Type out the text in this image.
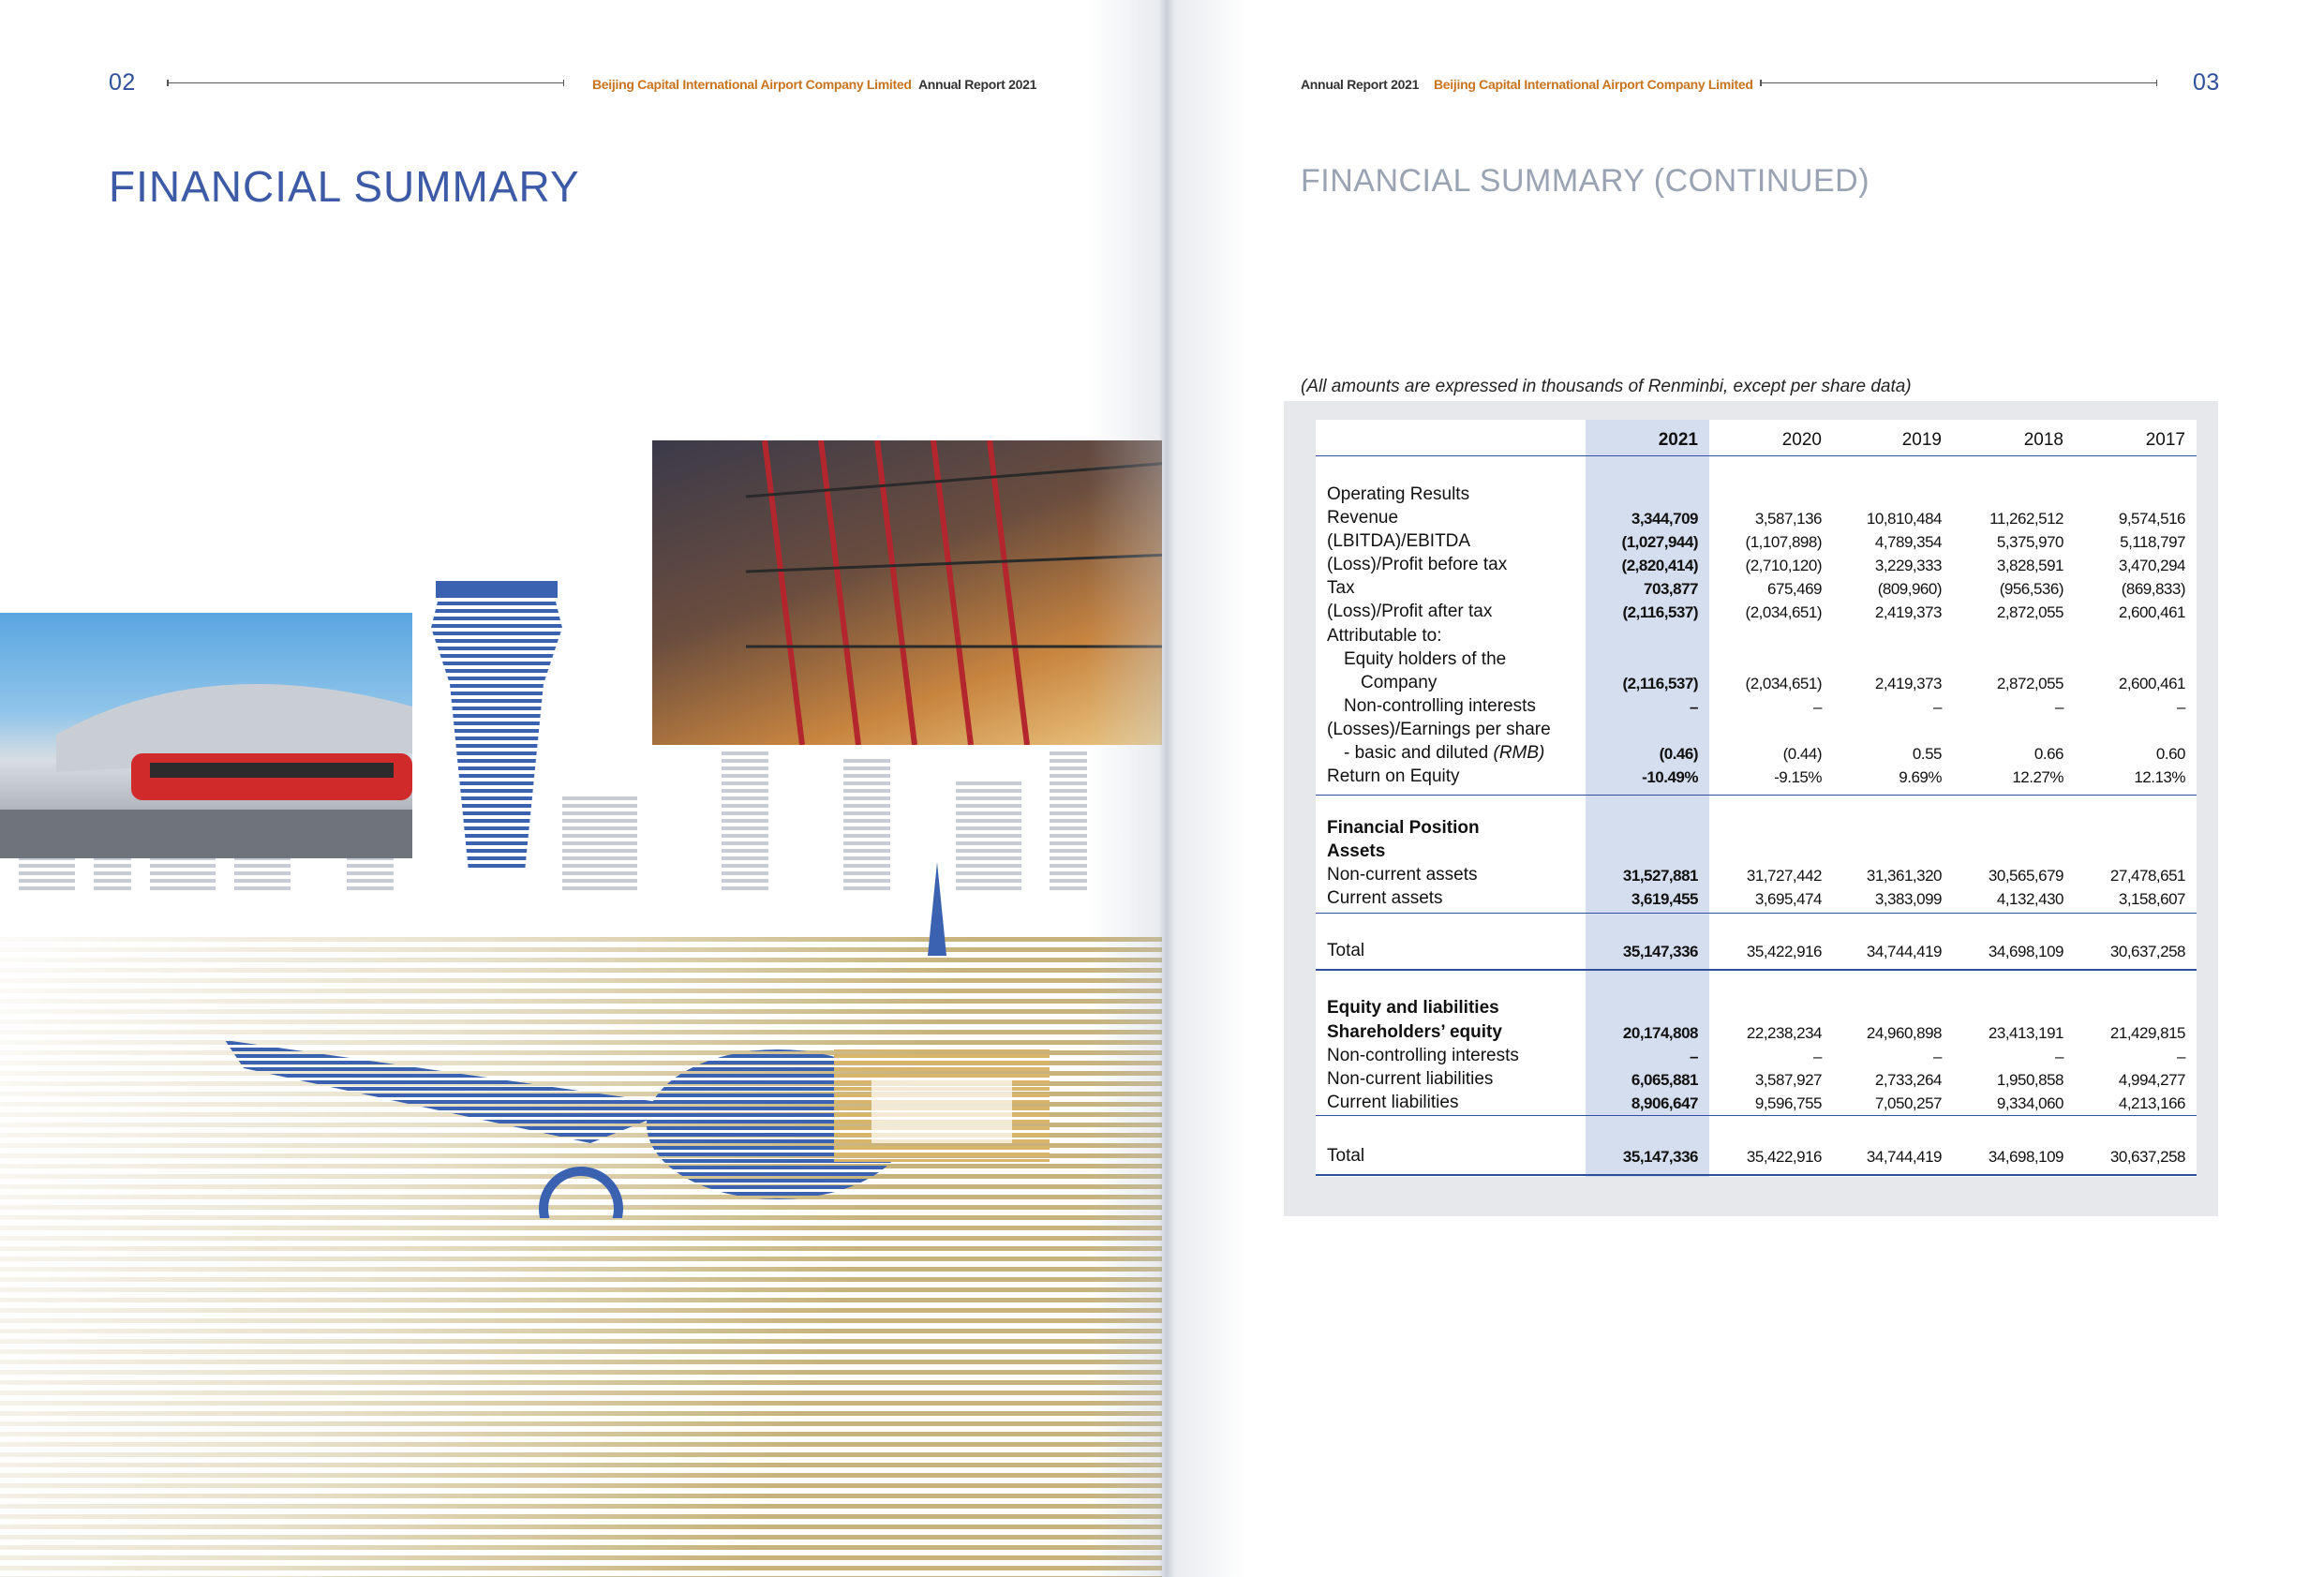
02	Beijing Capital International Airport Company Limited Annual Report 2021
FINANCIAL SUMMARY
Annual Report 2021 Beijing Capital International Airport Company Limited	03
FINANCIAL SUMMARY (CONTINUED)
(All amounts are expressed in thousands of Renminbi, except per share data)
2021	2020	2019	2018	2017
Operating Results
Revenue	3,344,709	3,587,136	10,810,484	11,262,512	9,574,516
(LBITDA)/EBITDA	(1,027,944)	(1,107,898)	4,789,354	5,375,970	5,118,797
(Loss)/Profit before tax	(2,820,414)	(2,710,120)	3,229,333	3,828,591	3,470,294
Tax	703,877	675,469	(809,960)	(956,536)	(869,833)
(Loss)/Profit after tax	(2,116,537)	(2,034,651)	2,419,373	2,872,055	2,600,461
Attributable to:
Equity holders of the
Company	(2,116,537)	(2,034,651)	2,419,373	2,872,055	2,600,461
Non-controlling interests	–	–	–	–	–
(Losses)/Earnings per share
- basic and diluted (RMB)	(0.46)	(0.44)	0.55	0.66	0.60
Return on Equity	-10.49%	-9.15%	9.69%	12.27%	12.13%
Financial Position
Assets
Non-current assets	31,527,881	31,727,442	31,361,320	30,565,679	27,478,651
Current assets	3,619,455	3,695,474	3,383,099	4,132,430	3,158,607
Total	35,147,336	35,422,916	34,744,419	34,698,109	30,637,258
Equity and liabilities
Shareholders’ equity	20,174,808	22,238,234	24,960,898	23,413,191	21,429,815
Non-controlling interests	–	–	–	–	–
Non-current liabilities	6,065,881	3,587,927	2,733,264	1,950,858	4,994,277
Current liabilities	8,906,647	9,596,755	7,050,257	9,334,060	4,213,166
Total	35,147,336	35,422,916	34,744,419	34,698,109	30,637,258
